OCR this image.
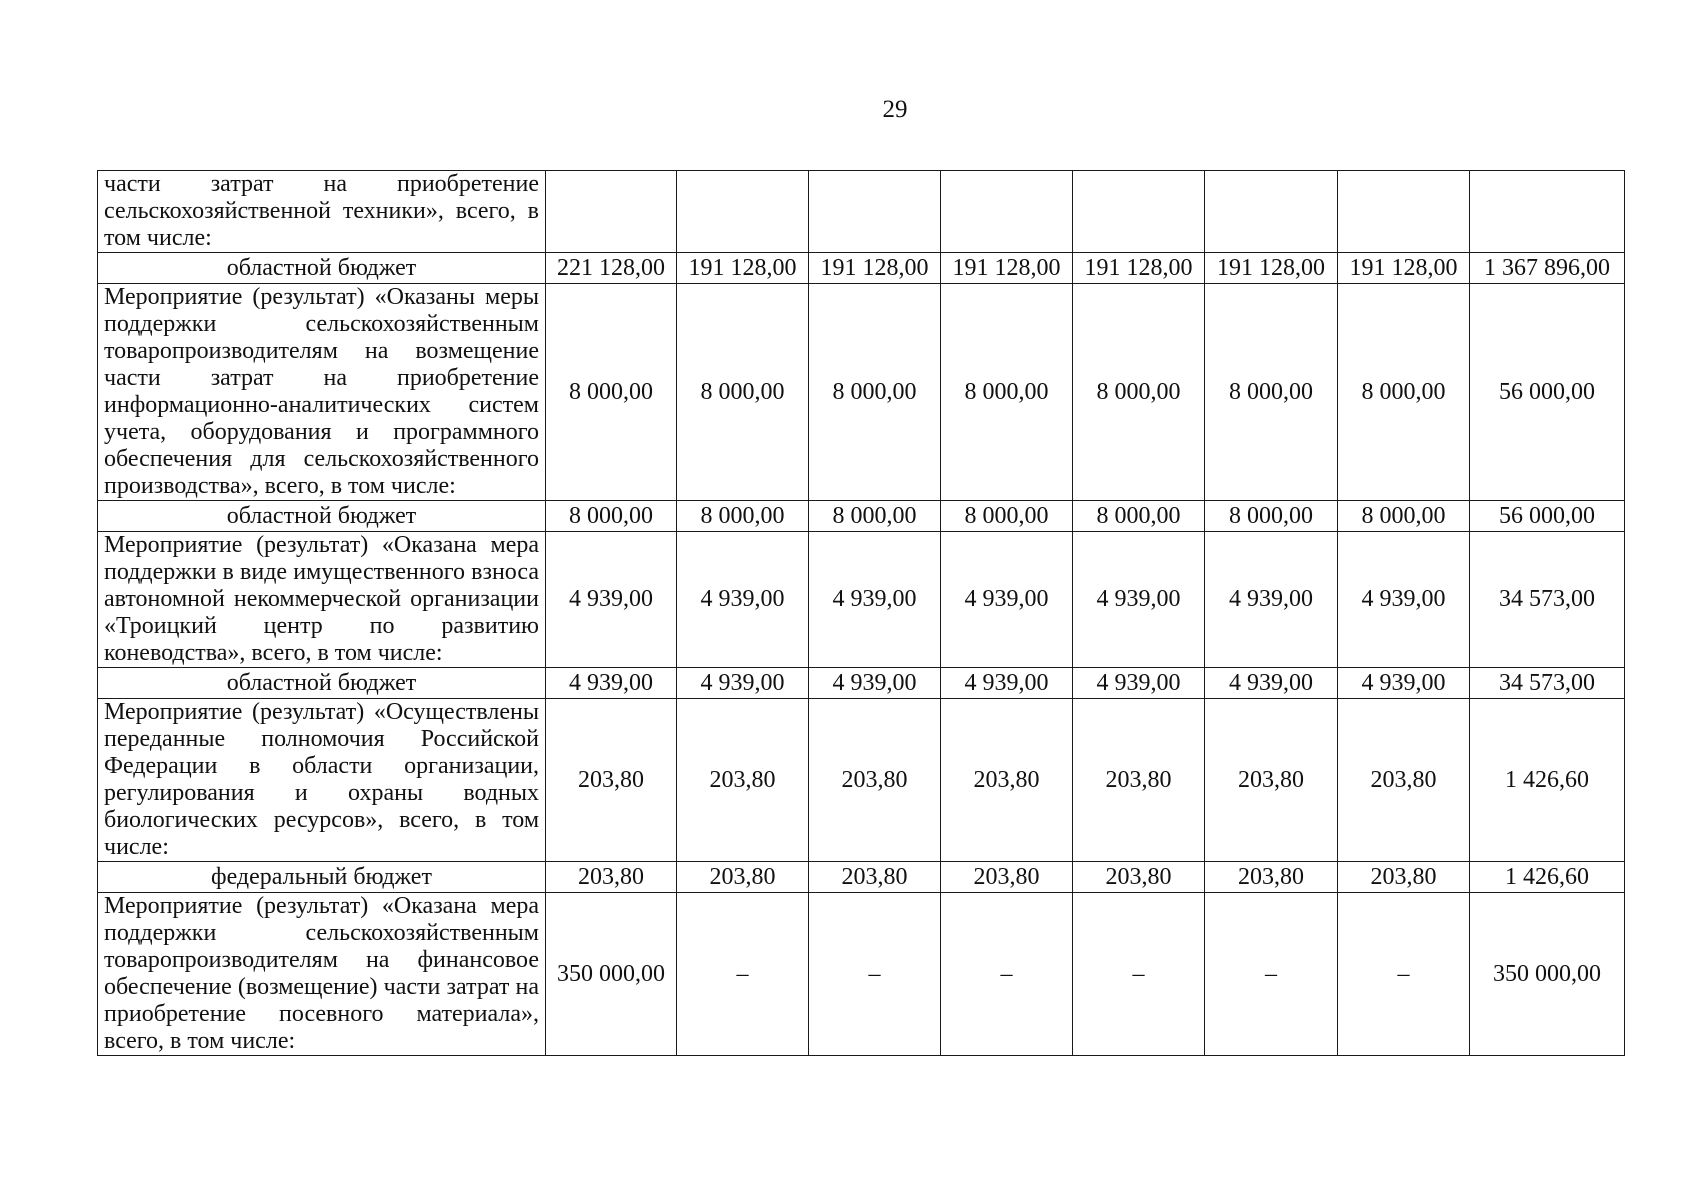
29
части затрат на приобретение сельскохозяйственной техники», всего, в том числе:								
областной бюджет	221 128,00	191 128,00	191 128,00	191 128,00	191 128,00	191 128,00	191 128,00	1 367 896,00
Мероприятие (результат) «Оказаны меры поддержки сельскохозяйственным товаропроизводителям на возмещение части затрат на приобретение информационно-аналитических систем учета, оборудования и программного обеспечения для сельскохозяйственного производства», всего, в том числе:	8 000,00	8 000,00	8 000,00	8 000,00	8 000,00	8 000,00	8 000,00	56 000,00
областной бюджет	8 000,00	8 000,00	8 000,00	8 000,00	8 000,00	8 000,00	8 000,00	56 000,00
Мероприятие (результат) «Оказана мера поддержки в виде имущественного взноса автономной некоммерческой организации «Троицкий центр по развитию коневодства», всего, в том числе:	4 939,00	4 939,00	4 939,00	4 939,00	4 939,00	4 939,00	4 939,00	34 573,00
областной бюджет	4 939,00	4 939,00	4 939,00	4 939,00	4 939,00	4 939,00	4 939,00	34 573,00
Мероприятие (результат) «Осуществлены переданные полномочия Российской Федерации в области организации, регулирования и охраны водных биологических ресурсов», всего, в том числе:	203,80	203,80	203,80	203,80	203,80	203,80	203,80	1 426,60
федеральный бюджет	203,80	203,80	203,80	203,80	203,80	203,80	203,80	1 426,60
Мероприятие (результат) «Оказана мера поддержки сельскохозяйственным товаропроизводителям на финансовое обеспечение (возмещение) части затрат на приобретение посевного материала», всего, в том числе:	350 000,00	–	–	–	–	–	–	350 000,00
